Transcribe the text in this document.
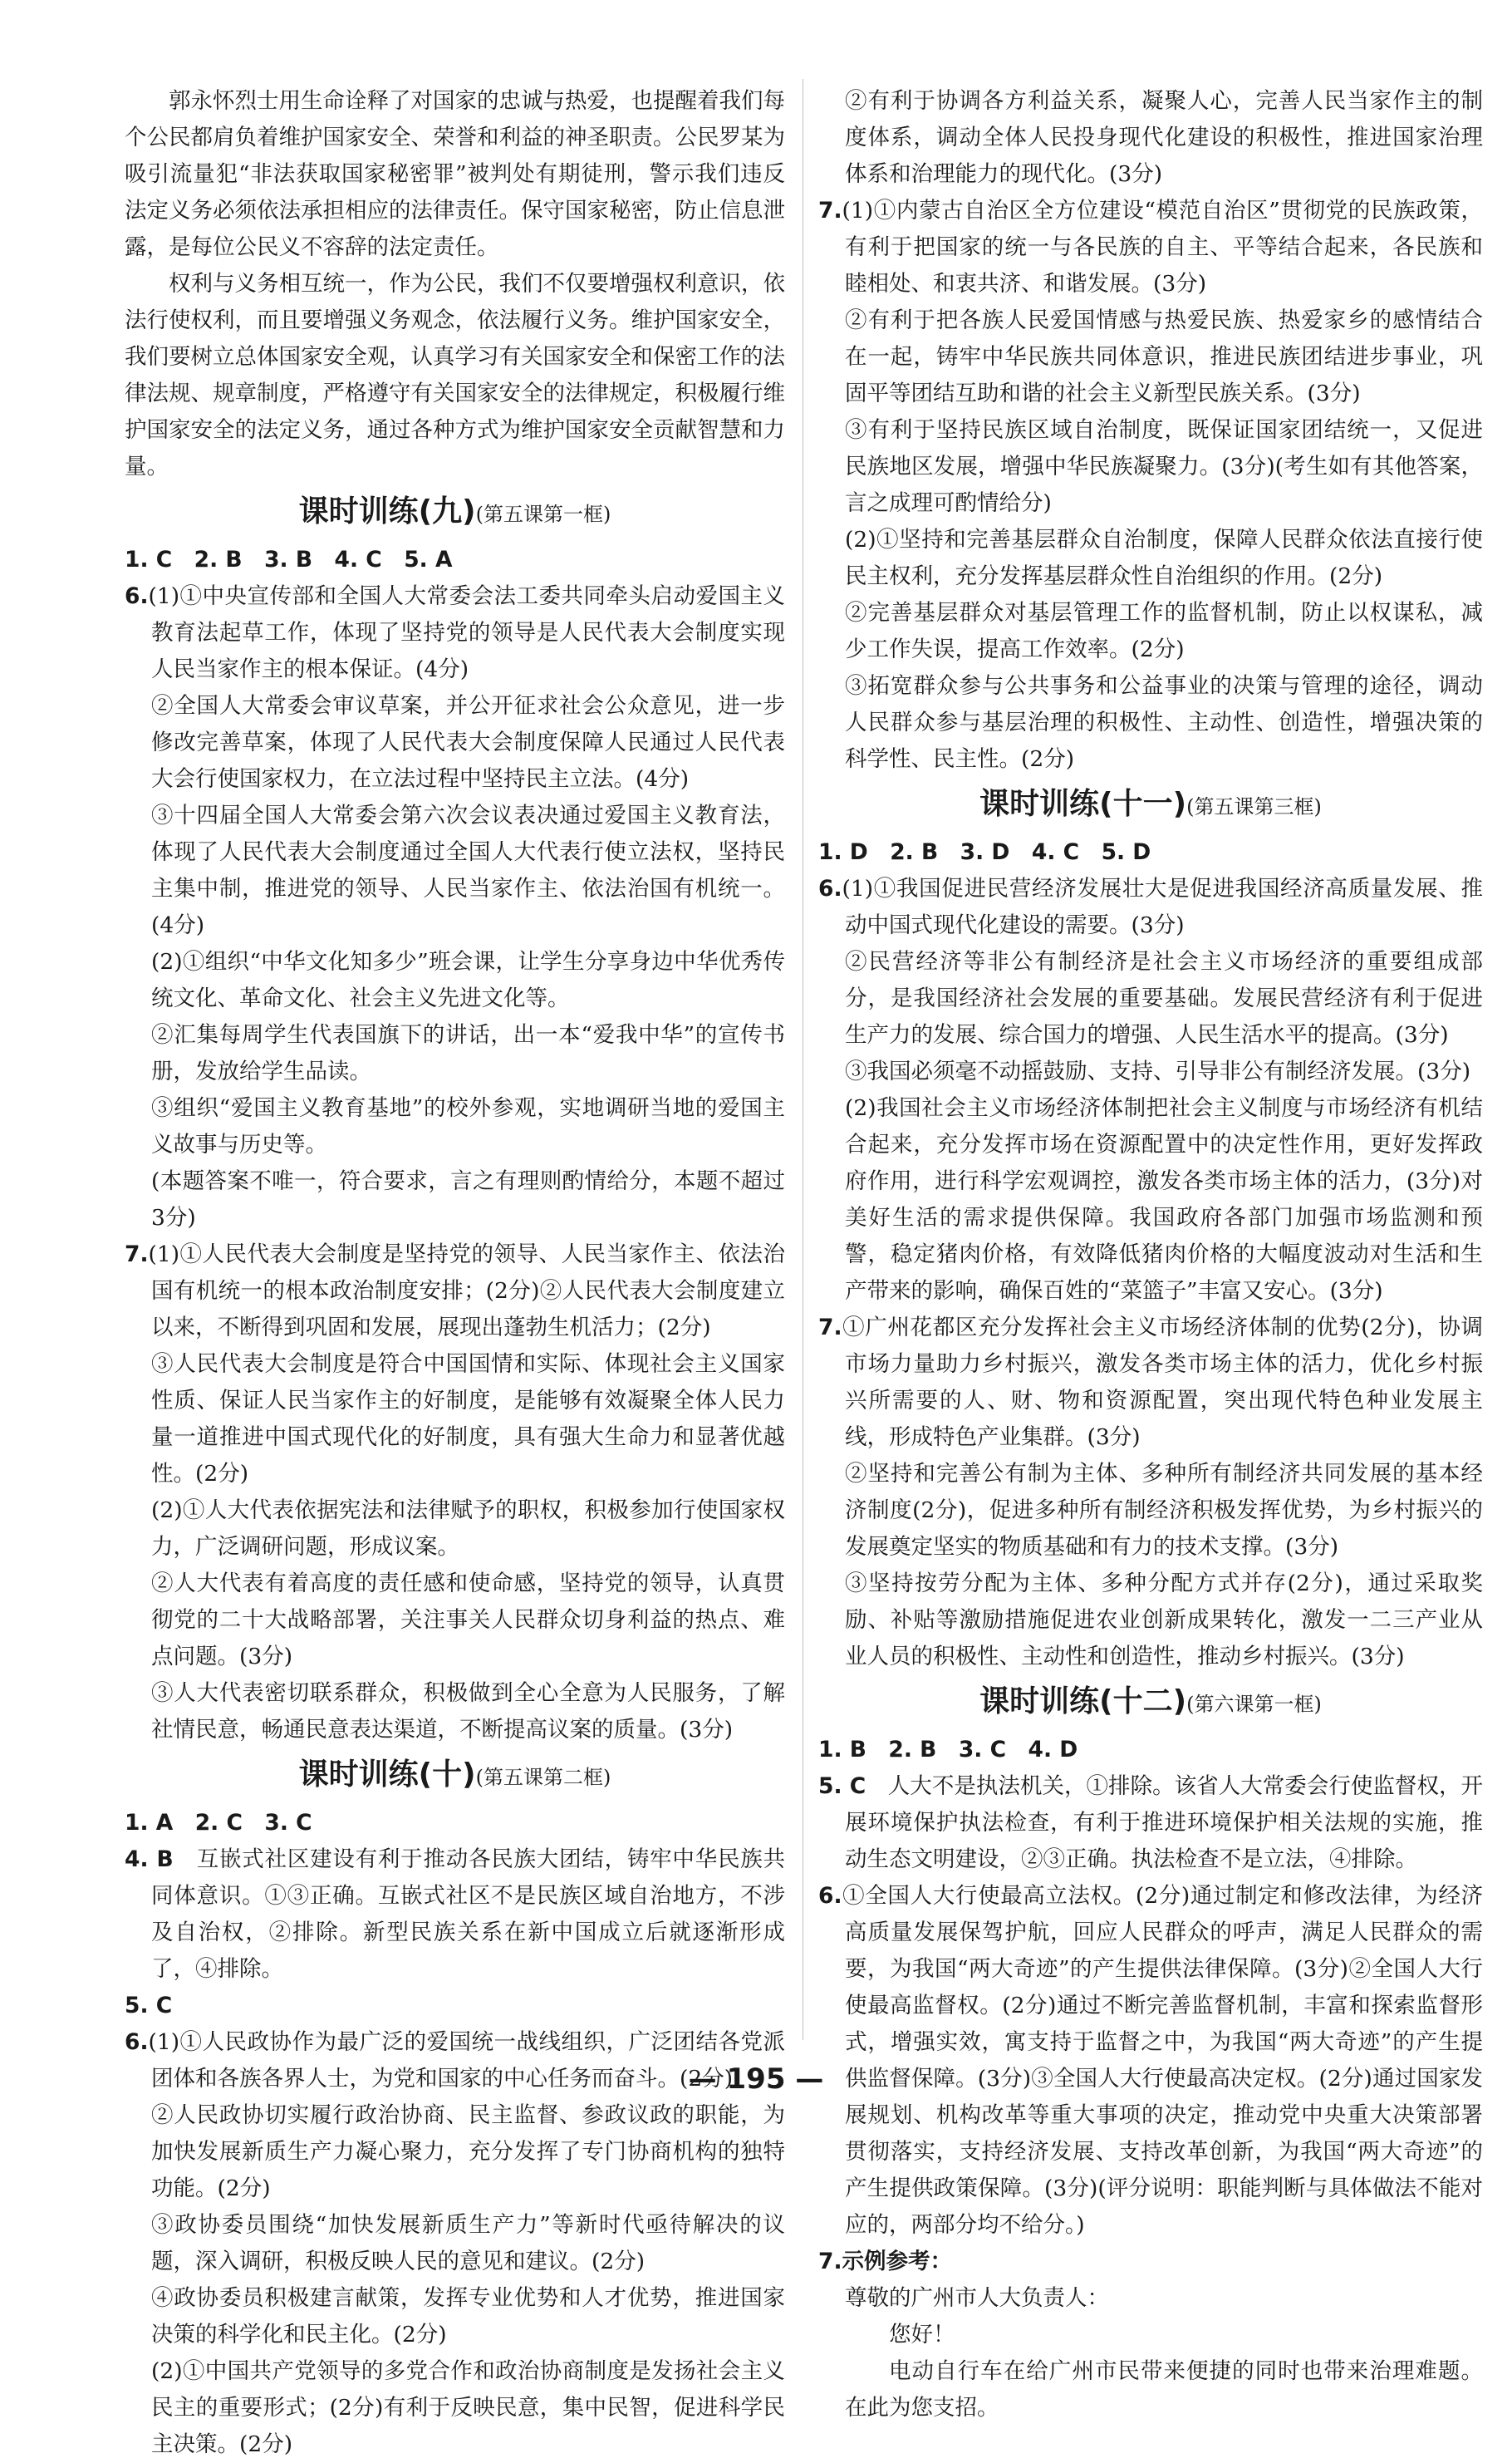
郭永怀烈士用生命诠释了对国家的忠诚与热爱，也提醒着我们每个公民都肩负着维护国家安全、荣誉和利益的神圣职责。公民罗某为吸引流量犯“非法获取国家秘密罪”被判处有期徒刑，警示我们违反法定义务必须依法承担相应的法律责任。保守国家秘密，防止信息泄露，是每位公民义不容辞的法定责任。

权利与义务相互统一，作为公民，我们不仅要增强权利意识，依法行使权利，而且要增强义务观念，依法履行义务。维护国家安全，我们要树立总体国家安全观，认真学习有关国家安全和保密工作的法律法规、规章制度，严格遵守有关国家安全的法律规定，积极履行维护国家安全的法定义务，通过各种方式为维护国家安全贡献智慧和力量。

课时训练(九)(第五课第一框)
1. C　2. B　3. B　4. C　5. A

6.(1)①中央宣传部和全国人大常委会法工委共同牵头启动爱国主义教育法起草工作，体现了坚持党的领导是人民代表大会制度实现人民当家作主的根本保证。(4分)

②全国人大常委会审议草案，并公开征求社会公众意见，进一步修改完善草案，体现了人民代表大会制度保障人民通过人民代表大会行使国家权力，在立法过程中坚持民主立法。(4分)

③十四届全国人大常委会第六次会议表决通过爱国主义教育法，体现了人民代表大会制度通过全国人大代表行使立法权，坚持民主集中制，推进党的领导、人民当家作主、依法治国有机统一。(4分)

(2)①组织“中华文化知多少”班会课，让学生分享身边中华优秀传统文化、革命文化、社会主义先进文化等。

②汇集每周学生代表国旗下的讲话，出一本“爱我中华”的宣传书册，发放给学生品读。

③组织“爱国主义教育基地”的校外参观，实地调研当地的爱国主义故事与历史等。

(本题答案不唯一，符合要求，言之有理则酌情给分，本题不超过3分)

7.(1)①人民代表大会制度是坚持党的领导、人民当家作主、依法治国有机统一的根本政治制度安排；(2分)②人民代表大会制度建立以来，不断得到巩固和发展，展现出蓬勃生机活力；(2分)

③人民代表大会制度是符合中国国情和实际、体现社会主义国家性质、保证人民当家作主的好制度，是能够有效凝聚全体人民力量一道推进中国式现代化的好制度，具有强大生命力和显著优越性。(2分)

(2)①人大代表依据宪法和法律赋予的职权，积极参加行使国家权力，广泛调研问题，形成议案。

②人大代表有着高度的责任感和使命感，坚持党的领导，认真贯彻党的二十大战略部署，关注事关人民群众切身利益的热点、难点问题。(3分)

③人大代表密切联系群众，积极做到全心全意为人民服务，了解社情民意，畅通民意表达渠道，不断提高议案的质量。(3分)

课时训练(十)(第五课第二框)
1. A　2. C　3. C

4. B　 互嵌式社区建设有利于推动各民族大团结，铸牢中华民族共同体意识。①③正确。互嵌式社区不是民族区域自治地方，不涉及自治权，②排除。新型民族关系在新中国成立后就逐渐形成了，④排除。

5. C

6.(1)①人民政协作为最广泛的爱国统一战线组织，广泛团结各党派团体和各族各界人士，为党和国家的中心任务而奋斗。(2分)

②人民政协切实履行政治协商、民主监督、参政议政的职能，为加快发展新质生产力凝心聚力，充分发挥了专门协商机构的独特功能。(2分)

③政协委员围绕“加快发展新质生产力”等新时代亟待解决的议题，深入调研，积极反映人民的意见和建议。(2分)

④政协委员积极建言献策，发挥专业优势和人才优势，推进国家决策的科学化和民主化。(2分)

(2)①中国共产党领导的多党合作和政治协商制度是发扬社会主义民主的重要形式；(2分)有利于反映民意，集中民智，促进科学民主决策。(2分)

②有利于协调各方利益关系，凝聚人心，完善人民当家作主的制度体系，调动全体人民投身现代化建设的积极性，推进国家治理体系和治理能力的现代化。(3分)

7.(1)①内蒙古自治区全方位建设“模范自治区”贯彻党的民族政策，有利于把国家的统一与各民族的自主、平等结合起来，各民族和睦相处、和衷共济、和谐发展。(3分)

②有利于把各族人民爱国情感与热爱民族、热爱家乡的感情结合在一起，铸牢中华民族共同体意识，推进民族团结进步事业，巩固平等团结互助和谐的社会主义新型民族关系。(3分)

③有利于坚持民族区域自治制度，既保证国家团结统一，又促进民族地区发展，增强中华民族凝聚力。(3分)(考生如有其他答案，言之成理可酌情给分)

(2)①坚持和完善基层群众自治制度，保障人民群众依法直接行使民主权利，充分发挥基层群众性自治组织的作用。(2分)

②完善基层群众对基层管理工作的监督机制，防止以权谋私，减少工作失误，提高工作效率。(2分)

③拓宽群众参与公共事务和公益事业的决策与管理的途径，调动人民群众参与基层治理的积极性、主动性、创造性，增强决策的科学性、民主性。(2分)

课时训练(十一)(第五课第三框)
1. D　2. B　3. D　4. C　5. D

6.(1)①我国促进民营经济发展壮大是促进我国经济高质量发展、推动中国式现代化建设的需要。(3分)

②民营经济等非公有制经济是社会主义市场经济的重要组成部分，是我国经济社会发展的重要基础。发展民营经济有利于促进生产力的发展、综合国力的增强、人民生活水平的提高。(3分)

③我国必须毫不动摇鼓励、支持、引导非公有制经济发展。(3分)

(2)我国社会主义市场经济体制把社会主义制度与市场经济有机结合起来，充分发挥市场在资源配置中的决定性作用，更好发挥政府作用，进行科学宏观调控，激发各类市场主体的活力，(3分)对美好生活的需求提供保障。我国政府各部门加强市场监测和预警，稳定猪肉价格，有效降低猪肉价格的大幅度波动对生活和生产带来的影响，确保百姓的“菜篮子”丰富又安心。(3分)

7.①广州花都区充分发挥社会主义市场经济体制的优势(2分)，协调市场力量助力乡村振兴，激发各类市场主体的活力，优化乡村振兴所需要的人、财、物和资源配置，突出现代特色种业发展主线，形成特色产业集群。(3分)

②坚持和完善公有制为主体、多种所有制经济共同发展的基本经济制度(2分)，促进多种所有制经济积极发挥优势，为乡村振兴的发展奠定坚实的物质基础和有力的技术支撑。(3分)

③坚持按劳分配为主体、多种分配方式并存(2分)，通过采取奖励、补贴等激励措施促进农业创新成果转化，激发一二三产业从业人员的积极性、主动性和创造性，推动乡村振兴。(3分)

课时训练(十二)(第六课第一框)
1. B　2. B　3. C　4. D

5. C　 人大不是执法机关，①排除。该省人大常委会行使监督权，开展环境保护执法检查，有利于推进环境保护相关法规的实施，推动生态文明建设，②③正确。执法检查不是立法，④排除。

6.①全国人大行使最高立法权。(2分)通过制定和修改法律，为经济高质量发展保驾护航，回应人民群众的呼声，满足人民群众的需要，为我国“两大奇迹”的产生提供法律保障。(3分)②全国人大行使最高监督权。(2分)通过不断完善监督机制，丰富和探索监督形式，增强实效，寓支持于监督之中，为我国“两大奇迹”的产生提供监督保障。(3分)③全国人大行使最高决定权。(2分)通过国家发展规划、机构改革等重大事项的决定，推动党中央重大决策部署贯彻落实，支持经济发展、支持改革创新，为我国“两大奇迹”的产生提供政策保障。(3分)(评分说明：职能判断与具体做法不能对应的，两部分均不给分。)

7.示例参考：

尊敬的广州市人大负责人：

您好！

电动自行车在给广州市民带来便捷的同时也带来治理难题。在此为您支招。

— 195 —
